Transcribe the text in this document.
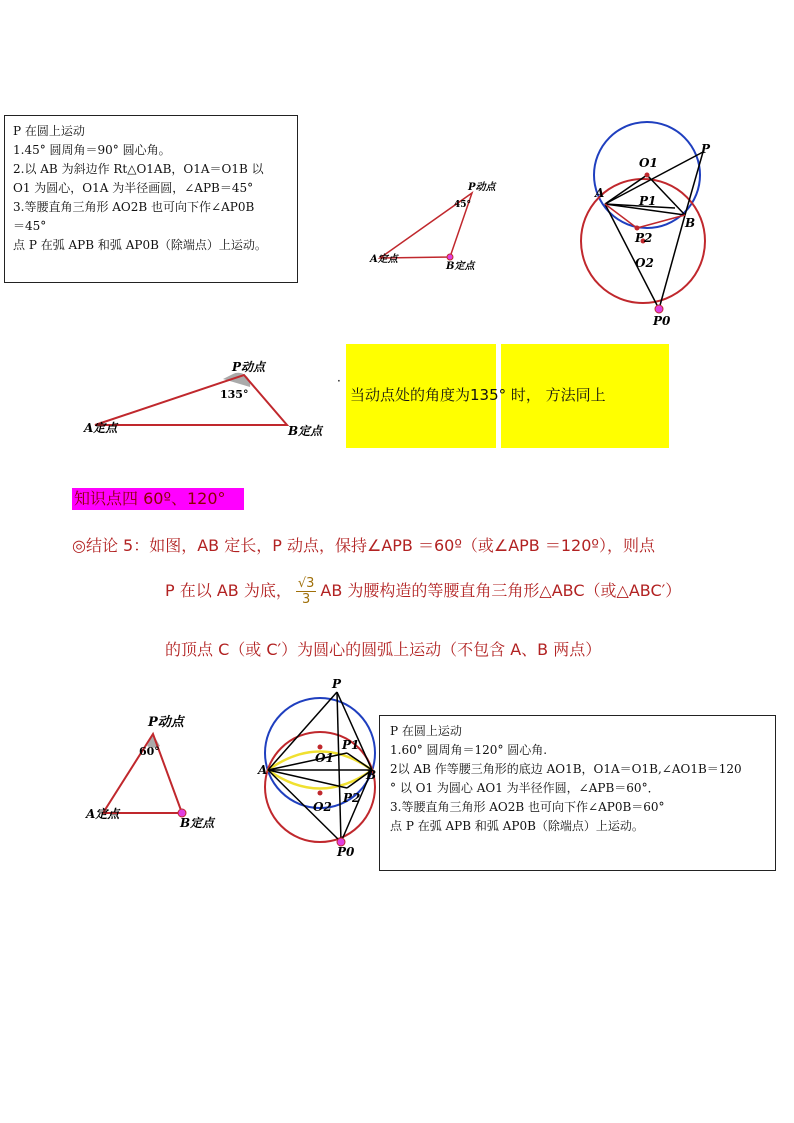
P 在圆上运动
1.45° 圆周角＝90° 圆心角。
2.以 AB 为斜边作 Rt△O1AB，O1A＝O1B 以
O1 为圆心，O1A 为半径画圆，∠APB＝45°
3.等腰直角三角形 AO2B 也可向下作∠AP0B
＝45°
点 P 在弧 APB 和弧 AP0B（除端点）上运动。
P动点
45°
A定点
B定点
P
O1
A
P1
B
P2
O2
P0
P动点
135°
A定点	B定点
·
当动点处的角度为135° 时， 方法同上
知识点四 60º、120°
◎结论 5：如图，AB 定长，P 动点，保持∠APB ＝60º（或∠APB ＝120º），则点
P 在以 AB 为底， $\frac{√3}{3}$ AB 为腰构造的等腰直角三角形△ABC（或△ABC′）
的顶点 C（或 C′）为圆心的圆弧上运动（不包含 A、B 两点）
P动点
60°
A定点
B定点
P
A
O1
P1
B
O2
P2
P0
P 在圆上运动
1.60° 圆周角＝120° 圆心角.
2以 AB 作等腰三角形的底边 AO1B，O1A＝O1B,∠AO1B＝120
° 以 O1 为圆心 AO1 为半径作圆，∠APB＝60°．
3.等腰直角三角形 AO2B 也可向下作∠AP0B＝60°
点 P 在弧 APB 和弧 AP0B（除端点）上运动。
